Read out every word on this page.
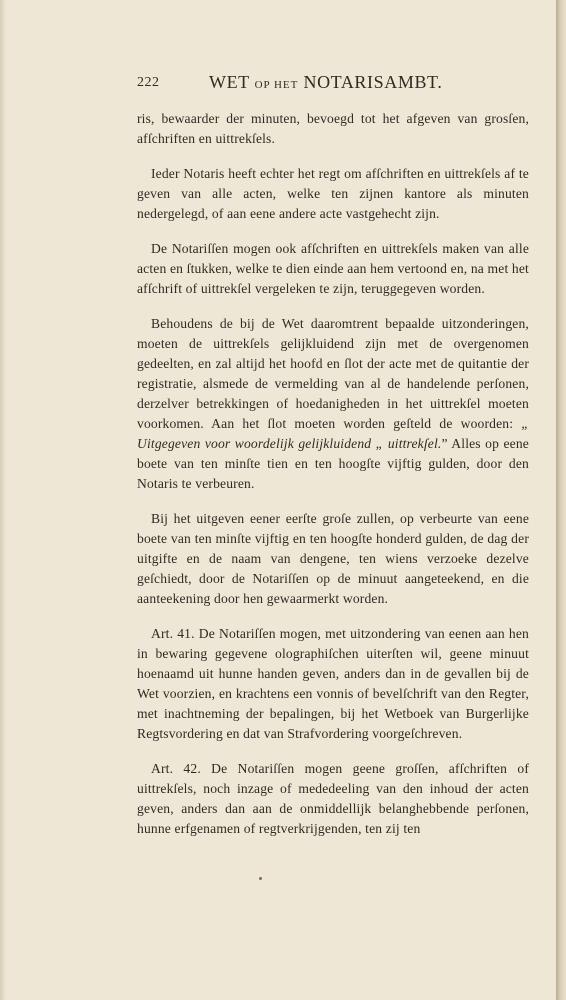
222	WET OP HET NOTARISAMBT.

ris, bewaarder der minuten, bevoegd tot het afgeven van grosſen, afſchriften en uittrekſels.

Ieder Notaris heeft echter het regt om afſchriften en uittrekſels af te geven van alle acten, welke ten zijnen kantore als minuten nedergelegd, of aan eene andere acte vastgehecht zijn.

De Notariſſen mogen ook afſchriften en uittrekſels maken van alle acten en ſtukken, welke te dien einde aan hem vertoond en, na met het afſchrift of uittrekſel vergeleken te zijn, teruggegeven worden.

Behoudens de bij de Wet daaromtrent bepaalde uitzonderingen, moeten de uittrekſels gelijkluidend zijn met de overgenomen gedeelten, en zal altijd het hoofd en ſlot der acte met de quitantie der registratie, alsmede de vermelding van al de handelende perſonen, derzelver betrekkingen of hoedanigheden in het uittrekſel moeten voorkomen. Aan het ſlot moeten worden geſteld de woorden: „ Uitgegeven voor woordelijk gelijkluidend „ uittrekſel.” Alles op eene boete van ten minſte tien en ten hoogſte vijftig gulden, door den Notaris te verbeuren.

Bij het uitgeven eener eerſte groſe zullen, op verbeurte van eene boete van ten minſte vijftig en ten hoogſte honderd gulden, de dag der uitgifte en de naam van dengene, ten wiens verzoeke dezelve geſchiedt, door de Notariſſen op de minuut aangeteekend, en die aanteekening door hen gewaarmerkt worden.

Art. 41. De Notariſſen mogen, met uitzondering van eenen aan hen in bewaring gegevene olographiſchen uiterſten wil, geene minuut hoenaamd uit hunne handen geven, anders dan in de gevallen bij de Wet voorzien, en krachtens een vonnis of bevelſchrift van den Regter, met inachtneming der bepalingen, bij het Wetboek van Burgerlijke Regtsvordering en dat van Strafvordering voorgeſchreven.

Art. 42. De Notariſſen mogen geene groſſen, afſchriften of uittrekſels, noch inzage of mededeeling van den inhoud der acten geven, anders dan aan de onmiddellijk belanghebbende perſonen, hunne erfgenamen of regtverkrijgenden, ten zij ten
